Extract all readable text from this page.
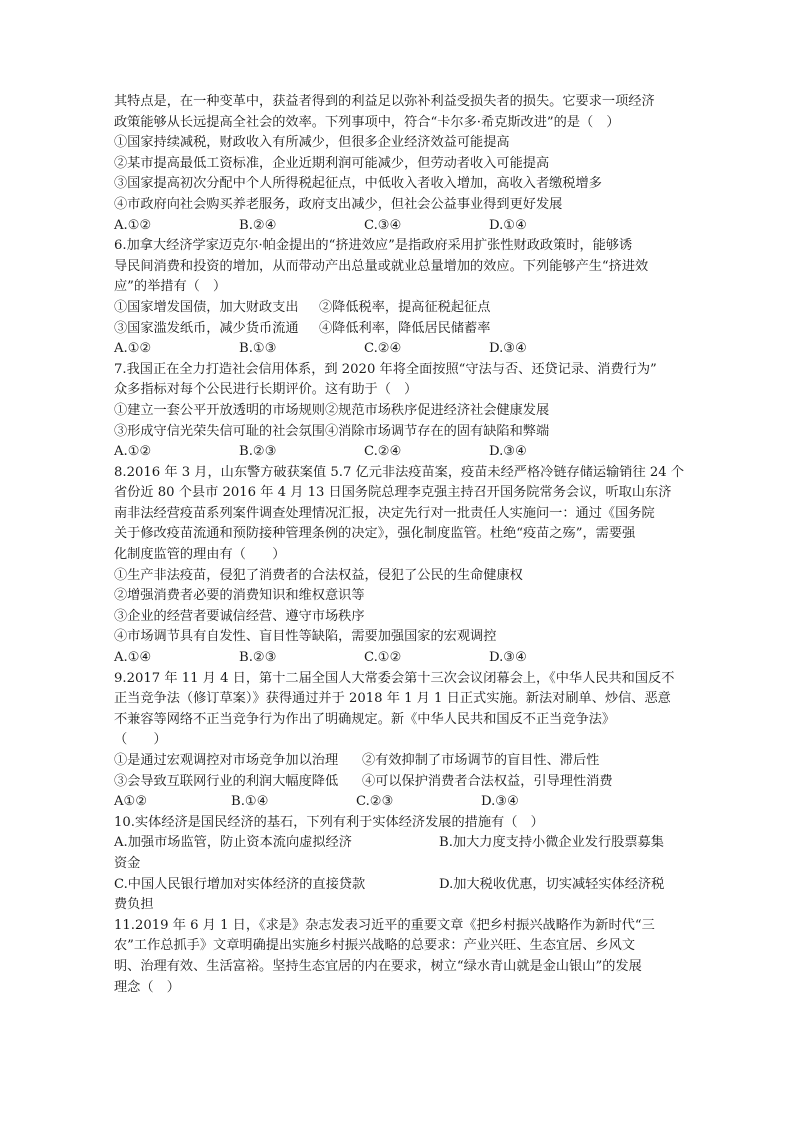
其特点是，在一种变革中，获益者得到的利益足以弥补利益受损失者的损失。它要求一项经济
政策能够从长远提高全社会的效率。下列事项中，符合“卡尔多·希克斯改进”的是（　）
①国家持续减税，财政收入有所减少，但很多企业经济效益可能提高
②某市提高最低工资标准，企业近期利润可能减少，但劳动者收入可能提高
③国家提高初次分配中个人所得税起征点，中低收入者收入增加，高收入者缴税增多
④市政府向社会购买养老服务，政府支出减少，但社会公益事业得到更好发展
A.①②	B.②④	C.③④	D.①④
6.加拿大经济学家迈克尔·帕金提出的“挤进效应”是指政府采用扩张性财政政策时，能够诱
导民间消费和投资的增加，从而带动产出总量或就业总量增加的效应。下列能够产生“挤进效
应”的举措有（　）
①国家增发国债，加大财政支出	②降低税率，提高征税起征点
③国家滥发纸币，减少货币流通	④降低利率，降低居民储蓄率
A.①②	B.①③	C.②④	D.③④
7.我国正在全力打造社会信用体系，到 2020 年将全面按照“守法与否、还贷记录、消费行为”
众多指标对每个公民进行长期评价。这有助于（　）
①建立一套公平开放透明的市场规则②规范市场秩序促进经济社会健康发展
③形成守信光荣失信可耻的社会氛围④消除市场调节存在的固有缺陷和弊端
A.①②	B.②③	C.②④	D.③④
8.2016 年 3 月，山东警方破获案值 5.7 亿元非法疫苗案，疫苗未经严格冷链存储运输销往 24 个
省份近 80 个县市 2016 年 4 月 13 日国务院总理李克强主持召开国务院常务会议，听取山东济
南非法经营疫苗系列案件调查处理情况汇报，决定先行对一批责任人实施问一：通过《国务院
关于修改疫苗流通和预防接种管理条例的决定》，强化制度监管。杜绝“疫苗之殇”，需要强
化制度监管的理由有（　　）
①生产非法疫苗，侵犯了消费者的合法权益，侵犯了公民的生命健康权
②增强消费者必要的消费知识和维权意识等
③企业的经营者要诚信经营、遵守市场秩序
④市场调节具有自发性、盲目性等缺陷，需要加强国家的宏观调控
A.①④	B.②③	C.①②	D.③④
9.2017 年 11 月 4 日，第十二届全国人大常委会第十三次会议闭幕会上，《中华人民共和国反不
正当竞争法（修订草案）》获得通过并于 2018 年 1 月 1 日正式实施。新法对刷单、炒信、恶意
不兼容等网络不正当竞争行为作出了明确规定。新《中华人民共和国反不正当竞争法》
（　　）
①是通过宏观调控对市场竞争加以治理	②有效抑制了市场调节的盲目性、滞后性
③会导致互联网行业的利润大幅度降低	④可以保护消费者合法权益，引导理性消费
A①②	B.①④	C.②③	D.③④
10.实体经济是国民经济的基石，下列有利于实体经济发展的措施有（　）
A.加强市场监管，防止资本流向虚拟经济	B.加大力度支持小微企业发行股票募集
资金
C.中国人民银行增加对实体经济的直接贷款	D.加大税收优惠，切实减轻实体经济税
费负担
11.2019 年 6 月 1 日，《求是》杂志发表习近平的重要文章《把乡村振兴战略作为新时代“三
农”工作总抓手》文章明确提出实施乡村振兴战略的总要求：产业兴旺、生态宜居、乡风文
明、治理有效、生活富裕。坚持生态宜居的内在要求，树立“绿水青山就是金山银山”的发展
理念（　）
